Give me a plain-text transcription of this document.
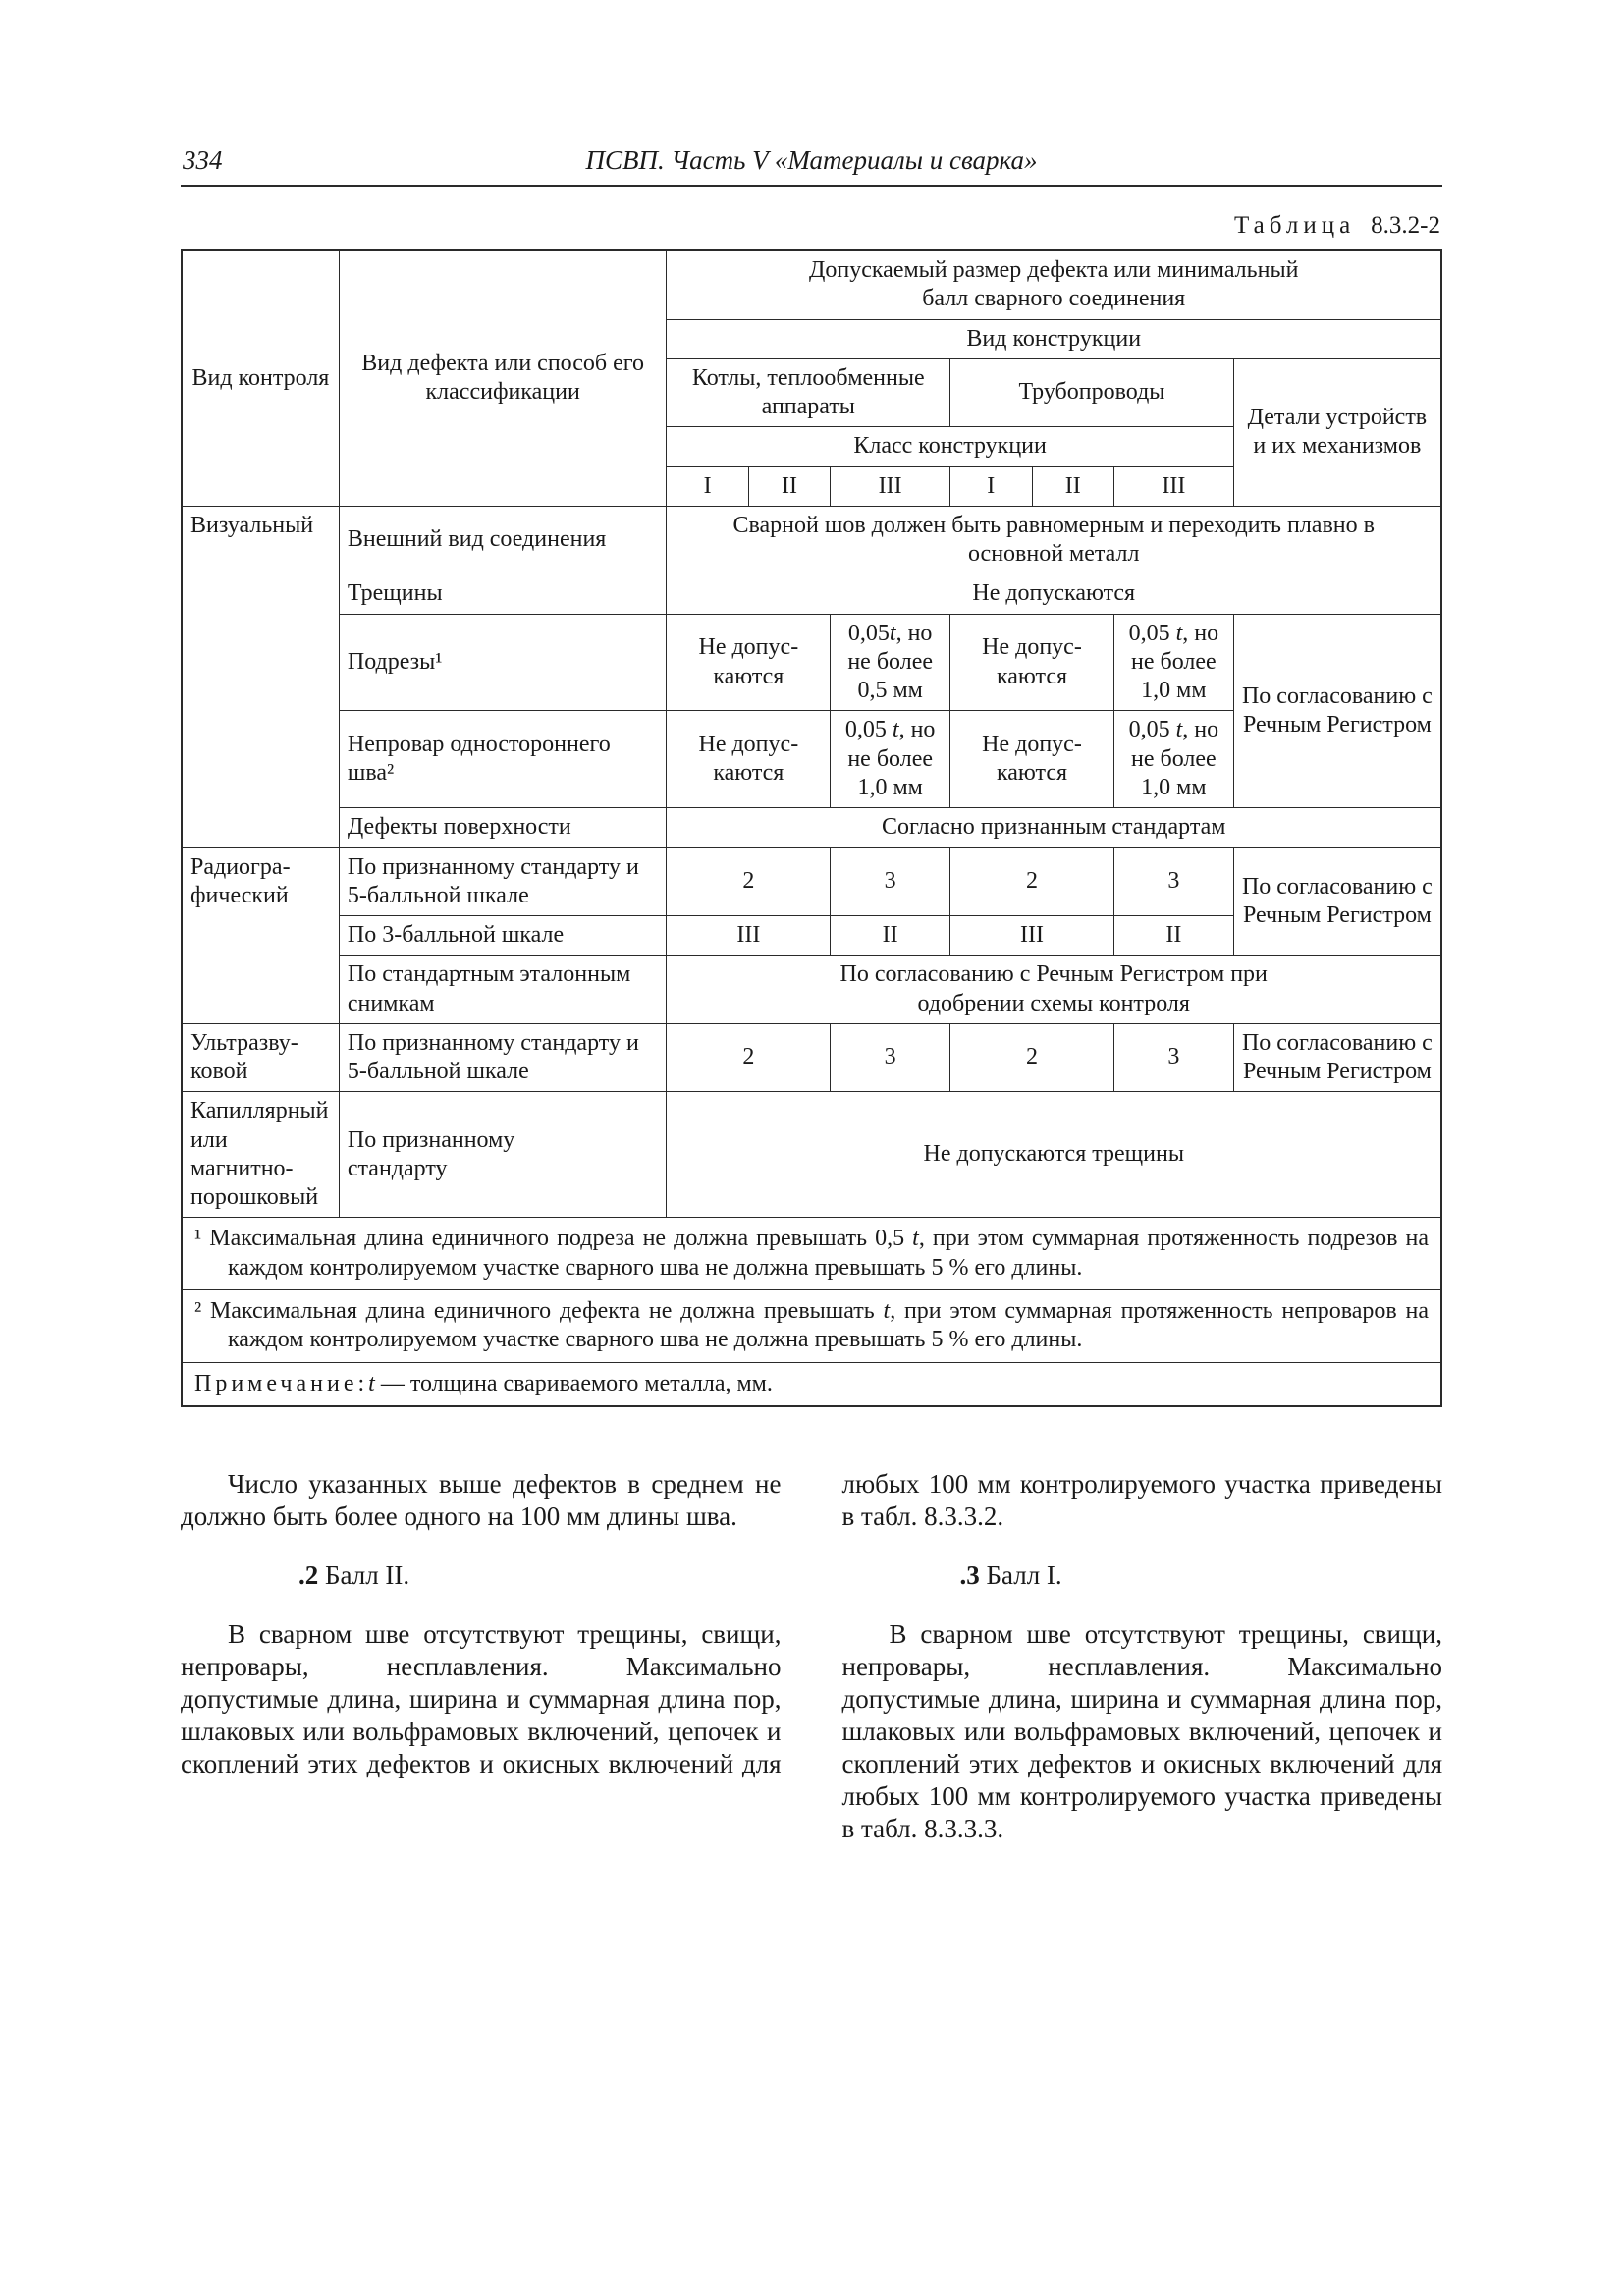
334	ПСВП. Часть V «Материалы и сварка»
Таблица 8.3.2-2
Вид контроля	Вид дефекта или способ его классификации	Допускаемый размер дефекта или минимальный балл сварного соединения						

		Вид конструкции						
		Котлы, теплообменные аппараты			Трубопроводы			Детали устройств и их механизмов
		Класс конструкции						
		I	II	III	I	II	III	
Визуальный	Внешний вид соединения	Сварной шов должен быть равномерным и переходить плавно в основной металл						

	Трещины	Не допускаются						
	Подрезы¹	Не допускаются		0,05t, но не более 0,5 мм	Не допускаются		0,05 t, но не более 1,0 мм	По согласованию с Речным Регистром
	Непровар одностороннего шва²	Не допускаются		0,05 t, но не более 1,0 мм	Не допускаются		0,05 t, но не более 1,0 мм	
	Дефекты поверхности	Согласно признанным стандартам						
Радиографический	По признанному стандарту и 5-балльной шкале	2		3	2		3	По согласованию с Речным Регистром
	По 3-балльной шкале	III		II	III		II	
	По стандартным эталонным снимкам	По согласованию с Речным Регистром при одобрении схемы контроля						

Ультразвуковой	По признанному стандарту и 5-балльной шкале	2		3	2		3	По согласованию с Речным Регистром
Капиллярный или магнитно-порошковый	По признанному стандарту	Не допускаются трещины						

¹ Максимальная длина единичного подреза не должна превышать 0,5 t, при этом суммарная протяженность подрезов на каждом контролируемом участке сварного шва не должна превышать 5 % его длины.								

² Максимальная длина единичного дефекта не должна превышать t, при этом суммарная протяженность непроваров на каждом контролируемом участке сварного шва не должна превышать 5 % его длины.								

Примечание:t — толщина свариваемого металла, мм.								

Число указанных выше дефектов в среднем не должно быть более одного на 100 мм длины шва.

.2 Балл II.

В сварном шве отсутствуют трещины, свищи, непровары, несплавления. Максимально допустимые длина, ширина и суммарная длина пор, шлаковых или вольфрамовых включений, цепочек и скоплений этих дефектов и окисных включений для

любых 100 мм контролируемого участка приведены в табл. 8.3.3.2.

.3 Балл I.

В сварном шве отсутствуют трещины, свищи, непровары, несплавления. Максимально допустимые длина, ширина и суммарная длина пор, шлаковых или вольфрамовых включений, цепочек и скоплений этих дефектов и окисных включений для любых 100 мм контролируемого участка приведены в табл. 8.3.3.3.
